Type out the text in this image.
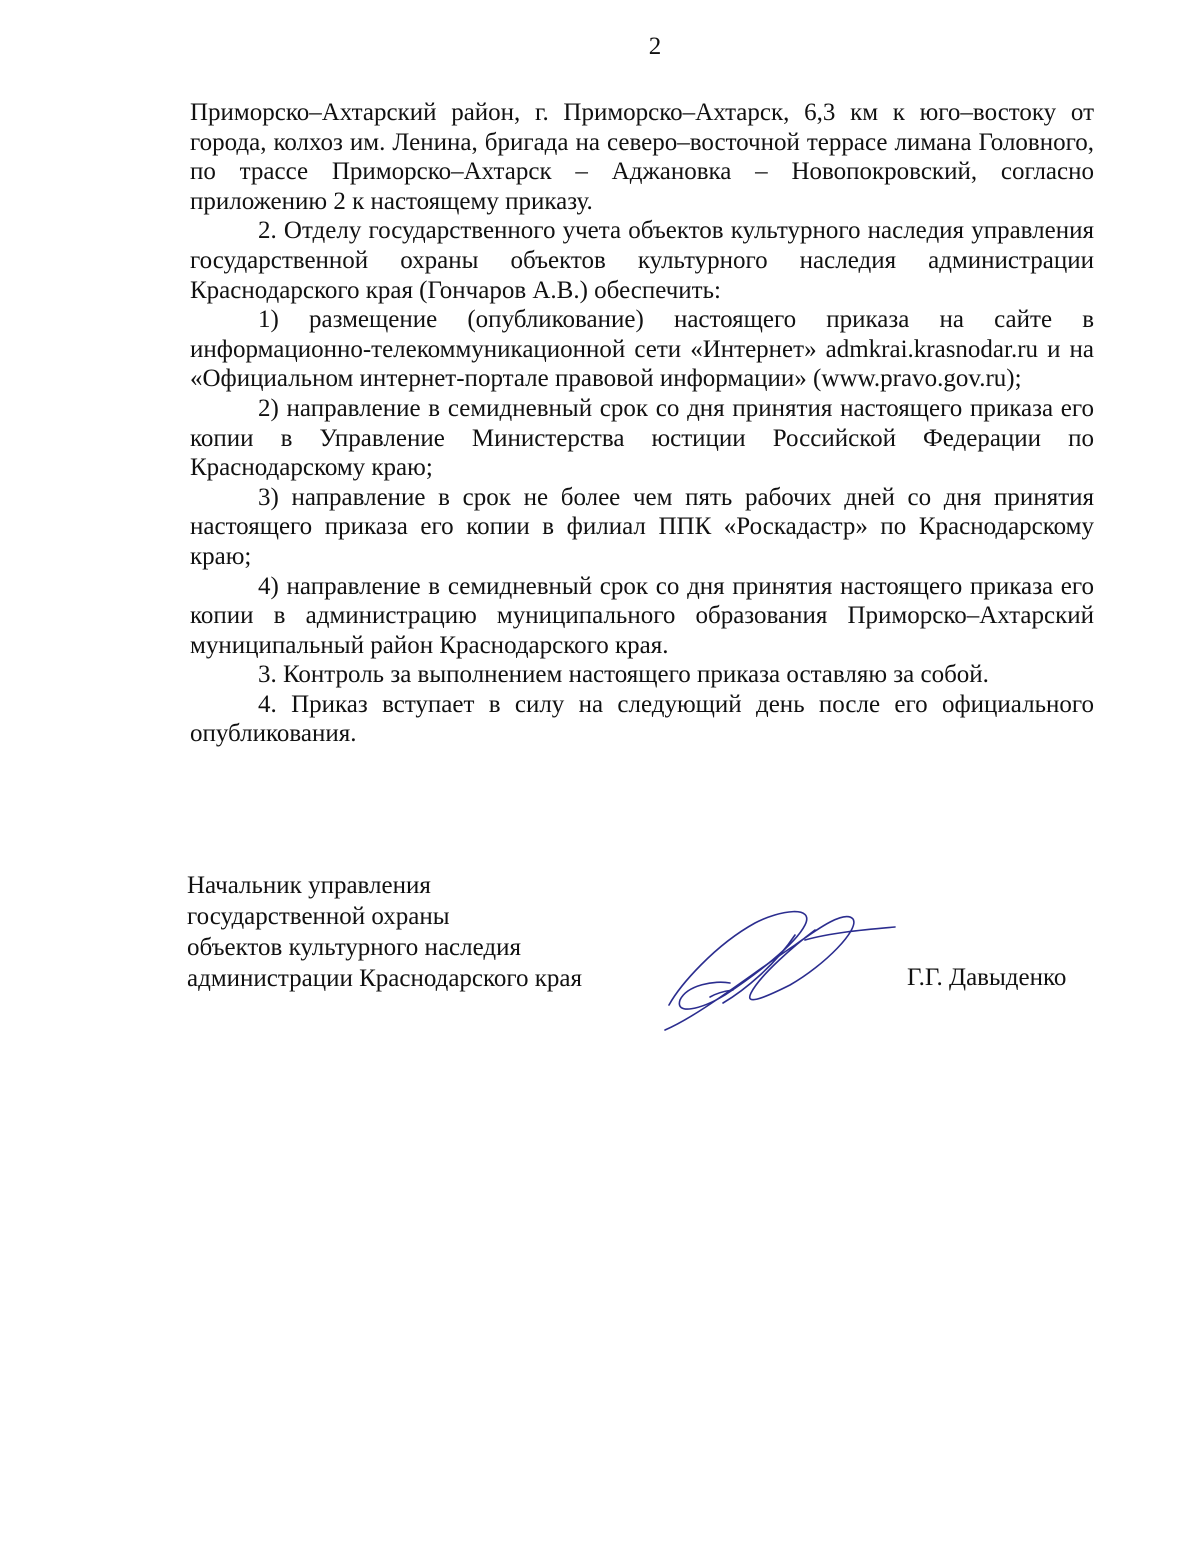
2

Приморско–Ахтарский район, г. Приморско–Ахтарск, 6,3 км к юго–востоку от города, колхоз им. Ленина, бригада на северо–восточной террасе лимана Головного, по трассе Приморско–Ахтарск – Аджановка – Новопокровский, согласно приложению 2 к настоящему приказу.

2. Отделу государственного учета объектов культурного наследия управления государственной охраны объектов культурного наследия администрации Краснодарского края (Гончаров А.В.) обеспечить:

1) размещение (опубликование) настоящего приказа на сайте в информационно-телекоммуникационной сети «Интернет» admkrai.krasnodar.ru и на «Официальном интернет-портале правовой информации» (www.pravo.gov.ru);

2) направление в семидневный срок со дня принятия настоящего приказа его копии в Управление Министерства юстиции Российской Федерации по Краснодарскому краю;

3) направление в срок не более чем пять рабочих дней со дня принятия настоящего приказа его копии в филиал ППК «Роскадастр» по Краснодарскому краю;

4) направление в семидневный срок со дня принятия настоящего приказа его копии в администрацию муниципального образования Приморско–Ахтарский муниципальный район Краснодарского края.

3. Контроль за выполнением настоящего приказа оставляю за собой.

4. Приказ вступает в силу на следующий день после его официального опубликования.

Начальник управления
государственной охраны
объектов культурного наследия
администрации Краснодарского края	Г.Г. Давыденко
